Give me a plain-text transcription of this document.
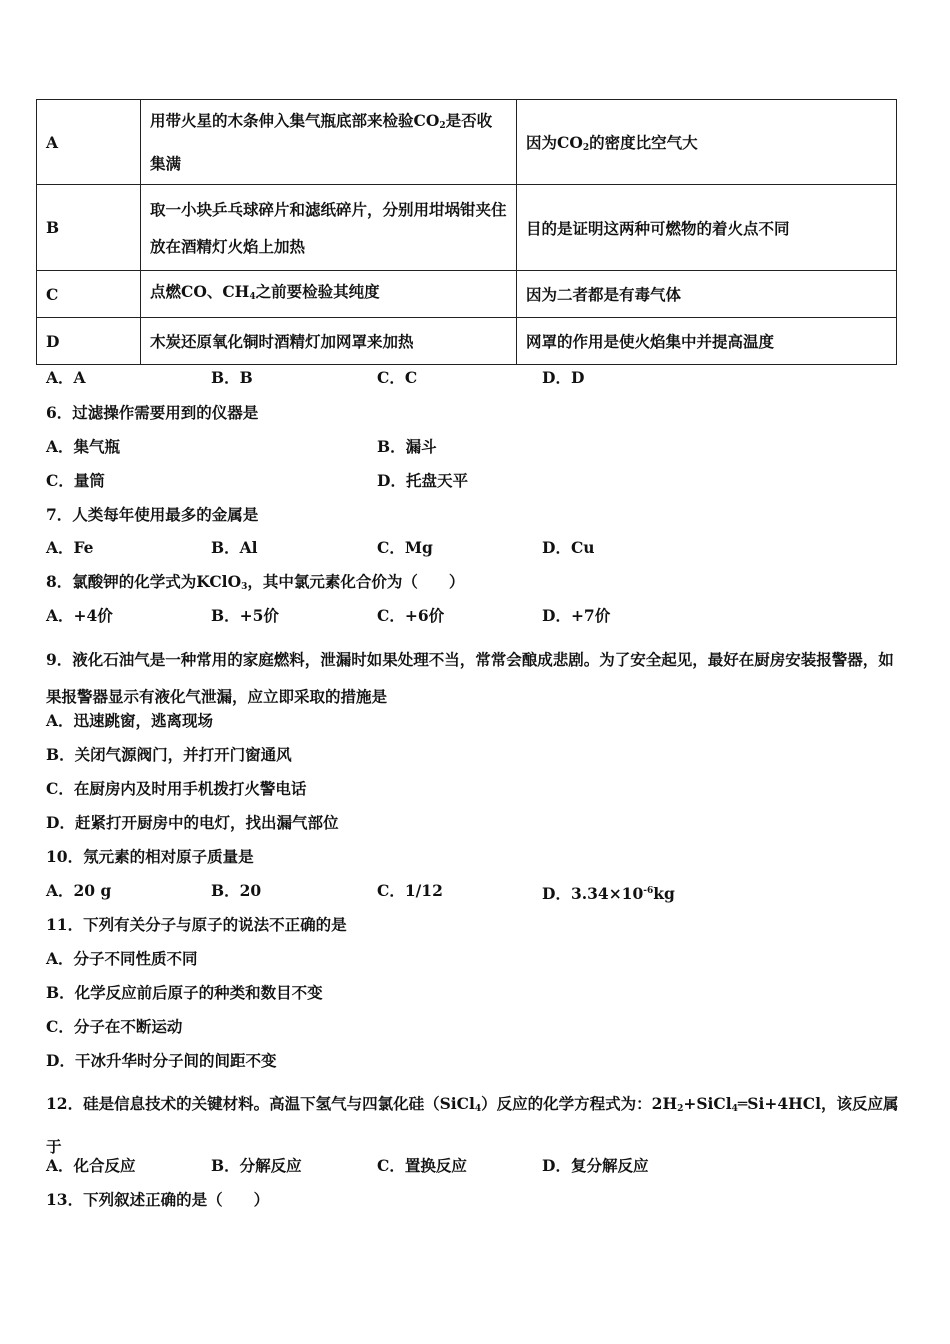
A	用带火星的木条伸入集气瓶底部来检验$CO_2$是否收集满	因为$CO_2$的密度比空气大
B	取一小块乒乓球碎片和滤纸碎片，分别用坩埚钳夹住放在酒精灯火焰上加热	目的是证明这两种可燃物的着火点不同
C	点燃CO、$CH_4$之前要检验其纯度	因为二者都是有毒气体
D	木炭还原氧化铜时酒精灯加网罩来加热	网罩的作用是使火焰集中并提高温度
A．A	B．B	C．C	D．D
6．过滤操作需要用到的仪器是
A．集气瓶	B．漏斗
C．量筒	D．托盘天平
7．人类每年使用最多的金属是
A．Fe	B．Al	C．Mg	D．Cu
8．氯酸钾的化学式为KClO$_3$，其中氯元素化合价为（　　）
A．+4价	B．+5价	C．+6价	D．+7价
9．液化石油气是一种常用的家庭燃料，泄漏时如果处理不当，常常会酿成悲剧。为了安全起见，最好在厨房安装报警器，如果报警器显示有液化气泄漏，应立即采取的措施是
A．迅速跳窗，逃离现场
B．关闭气源阀门，并打开门窗通风
C．在厨房内及时用手机拨打火警电话
D．赶紧打开厨房中的电灯，找出漏气部位
10．氖元素的相对原子质量是
A．20 g	B．20	C．1/12	D．$3.34\times 10^{-6}kg$
11．下列有关分子与原子的说法不正确的是
A．分子不同性质不同
B．化学反应前后原子的种类和数目不变
C．分子在不断运动
D．干冰升华时分子间的间距不变
12．硅是信息技术的关键材料。高温下氢气与四氯化硅（SiCl$_4$）反应的化学方程式为：$2H_2+SiCl_4═Si+4HCl$，该反应属于
A．化合反应	B．分解反应	C．置换反应	D．复分解反应
13．下列叙述正确的是（　　）
